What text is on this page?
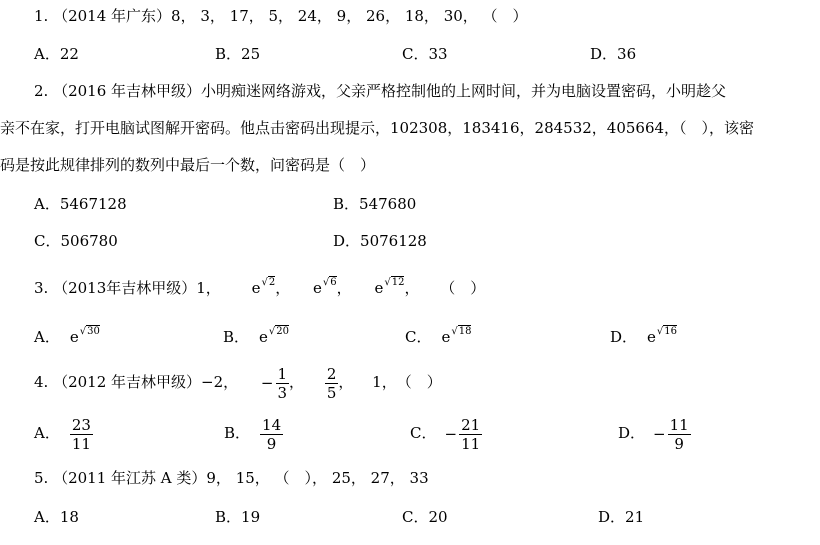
1. （2014 年广东）8， 3， 17， 5， 24， 9， 26， 18， 30， （　）
A．22	B．25	C．33	D．36
2. （2016 年吉林甲级）小明痴迷网络游戏，父亲严格控制他的上网时间，并为电脑设置密码，小明趁父
亲不在家，打开电脑试图解开密码。他点击密码出现提示，102308，183416，284532，405664，（　），该密
码是按此规律排列的数列中最后一个数，问密码是（　）
A．5467128	B．547680
C．506780	D．5076128
3. （2013年吉林甲级）1， e √2 ， e √6 ， e √12 ， （　）
A． e √30	B． e √20	C． e √18	D． e √16
4. （2012 年吉林甲级）−2， − $\frac{1}{3}$ ， $\frac{2}{5}$ ， 1，　（　）
A． $\frac{23}{11}$	B． $\frac{14}{9}$	C． − $\frac{21}{11}$	D． − $\frac{11}{9}$
5. （2011 年江苏 A 类）9， 15， （　）， 25， 27， 33
A．18	B．19	C．20	D．21
